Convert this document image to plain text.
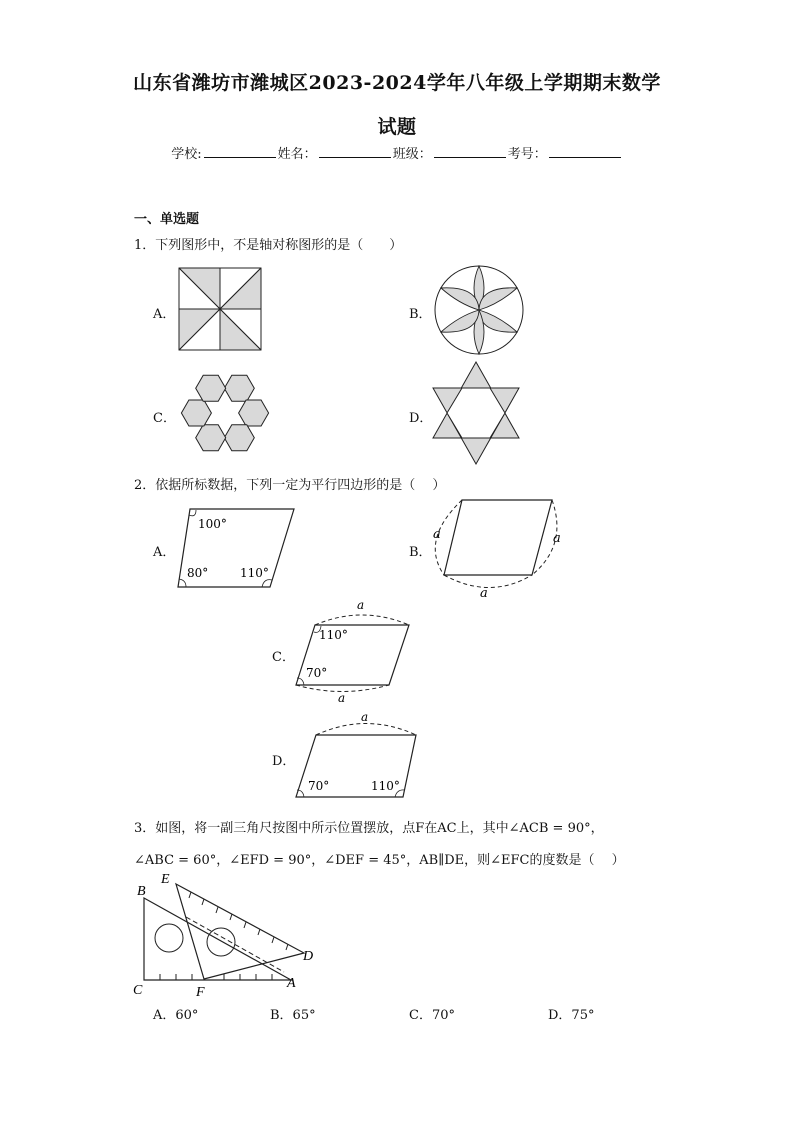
山东省潍坊市潍城区2023-2024学年八年级上学期期末数学
试题
学校:	姓名：	班级：	考号：
一、单选题
1．下列图形中，不是轴对称图形的是（　　）
A．	B．
C．	D．
2．依据所标数据，下列一定为平行四边形的是（　 ）
A．	B．
C．
D．
100°
80°	110°
a	a
a
a
110°
70°
a
a
70°	110°
3．如图，将一副三角尺按图中所示位置摆放，点F在AC上，其中∠ACB = 90°，
∠ABC = 60°，∠EFD = 90°，∠DEF = 45°，AB∥DE，则∠EFC的度数是（　 ）
B
E
D
C	F
A
A．60°	B．65°	C．70°	D．75°
